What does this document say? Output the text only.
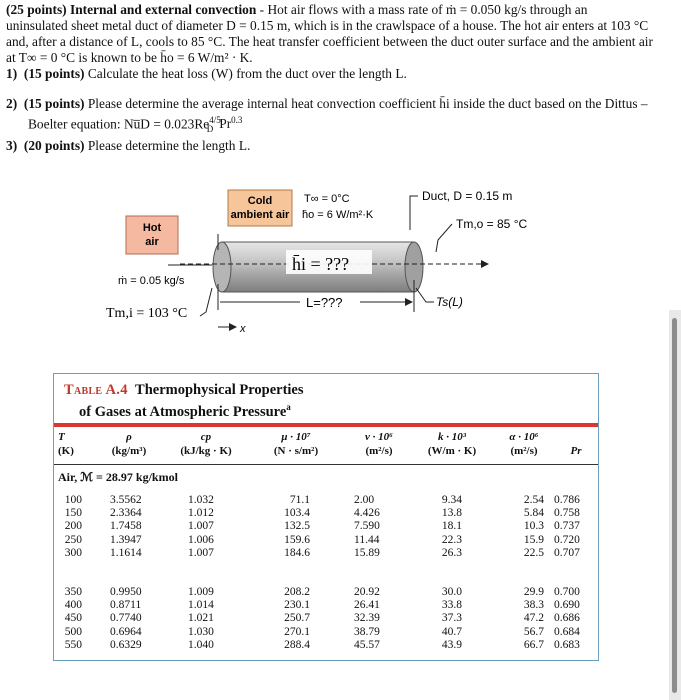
(25 points) Internal and external convection - Hot air flows with a mass rate of ṁ = 0.050 kg/s through an

uninsulated sheet metal duct of diameter D = 0.15 m, which is in the crawlspace of a house. The hot air enters at 103 °C

and, after a distance of L, cools to 85 °C. The heat transfer coefficient between the duct outer surface and the ambient air

at T∞ = 0 °C is known to be h̄o = 6 W/m² · K.

1) (15 points) Calculate the heat loss (W) from the duct over the length L.

2) (15 points) Please determine the average internal heat convection coefficient h̄i inside the duct based on the Dittus –

Boelter equation: Nu̅D = $0.023Re^{4/5}_D$ $Pr^{0.3}$

3) (20 points) Please determine the length L.

Hot
air
Cold
ambient air
T∞ = 0°C
h̄o = 6 W/m²·K
Duct, D = 0.15 m
Tm,o = 85 °C
h̄i = ???
ṁ = 0.05 kg/s
L=???	Ts(L)
Tm,i = 103 °C
x
Table A.4 Thermophysical Properties
of Gases at Atmospheric Pressure$^a$
T
(K)
ρ
(kg/m³)
cp
(kJ/kg · K)
μ · 10⁷
(N · s/m²)
ν · 10⁶
(m²/s)
k · 10³
(W/m · K)
α · 10⁶
(m²/s)	Pr
Air, ℳ = 28.97 kg/kmol
100
150
200
250
300
3.5562
2.3364
1.7458
1.3947
1.1614
1.032
1.012
1.007
1.006
1.007
71.1
103.4
132.5
159.6
184.6
2.00
4.426
7.590
11.44
15.89
9.34
13.8
18.1
22.3
26.3
2.54
5.84
10.3
15.9
22.5
0.786
0.758
0.737
0.720
0.707
350
400
450
500
550
0.9950
0.8711
0.7740
0.6964
0.6329
1.009
1.014
1.021
1.030
1.040
208.2
230.1
250.7
270.1
288.4
20.92
26.41
32.39
38.79
45.57
30.0
33.8
37.3
40.7
43.9
29.9
38.3
47.2
56.7
66.7
0.700
0.690
0.686
0.684
0.683
